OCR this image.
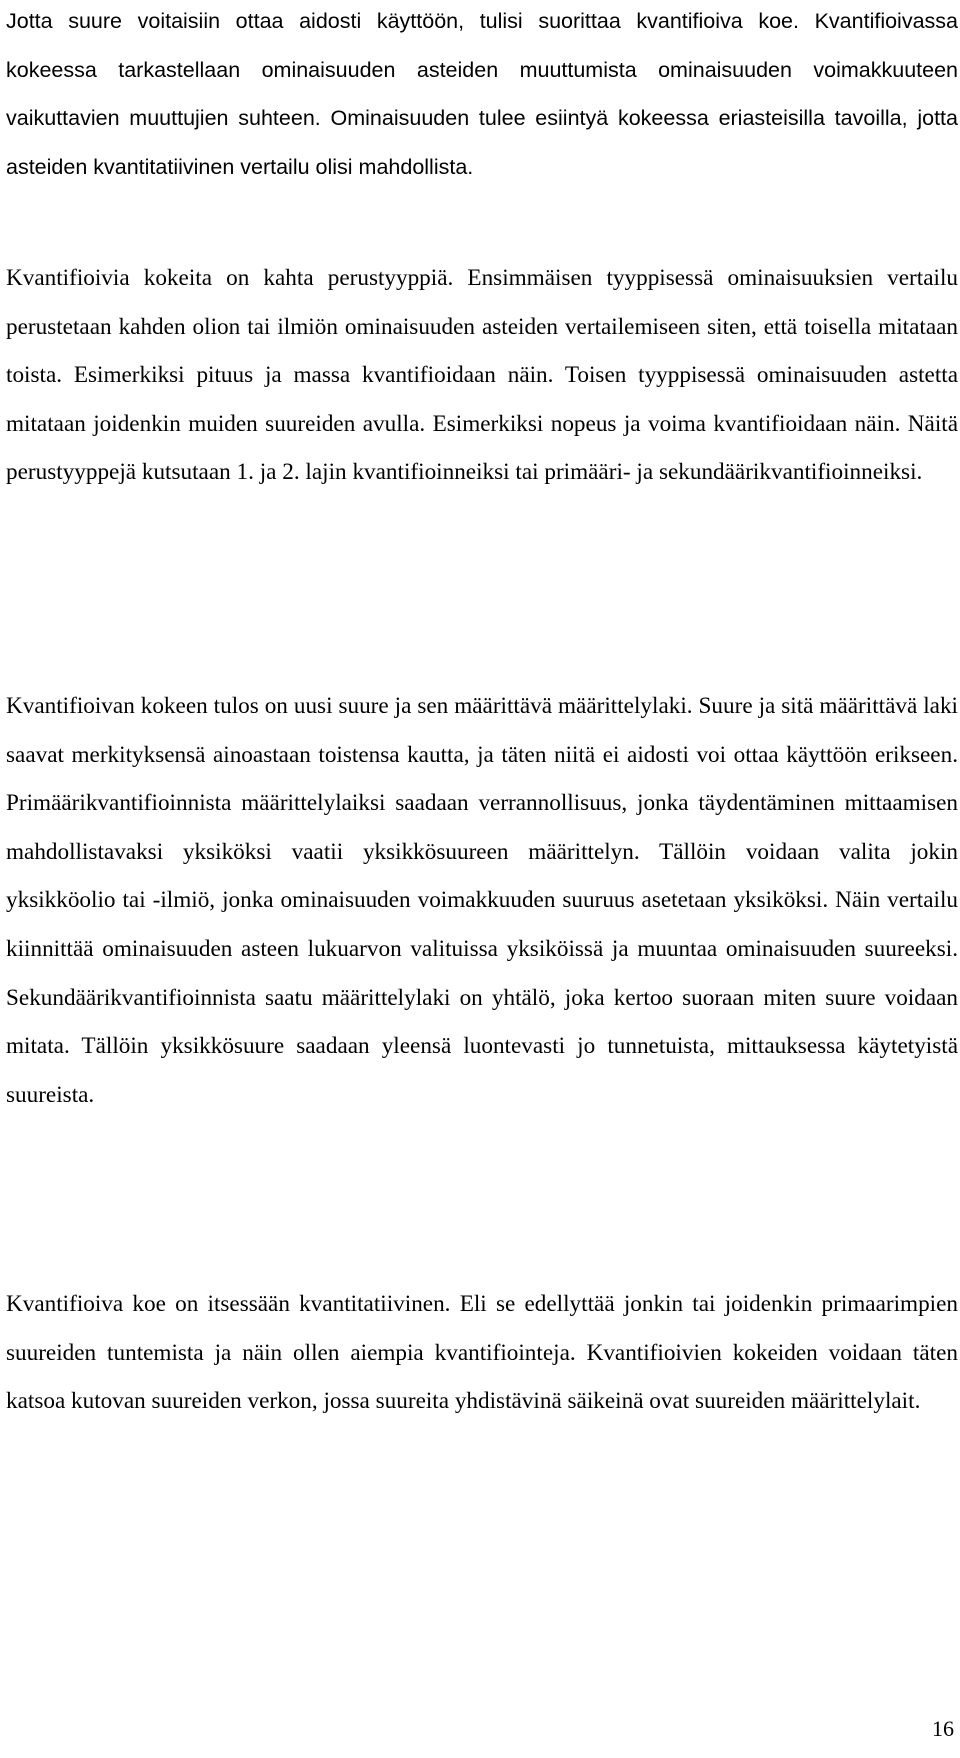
Jotta suure voitaisiin ottaa aidosti käyttöön, tulisi suorittaa kvantifioiva koe. Kvantifioivassa kokeessa tarkastellaan ominaisuuden asteiden muuttumista ominaisuuden voimakkuuteen vaikuttavien muuttujien suhteen. Ominaisuuden tulee esiintyä kokeessa eriasteisilla tavoilla, jotta asteiden kvantitatiivinen vertailu olisi mahdollista.

Kvantifioivia kokeita on kahta perustyyppiä. Ensimmäisen tyyppisessä ominaisuuksien vertailu perustetaan kahden olion tai ilmiön ominaisuuden asteiden vertailemiseen siten, että toisella mitataan toista. Esimerkiksi pituus ja massa kvantifioidaan näin. Toisen tyyppisessä ominaisuuden astetta mitataan joidenkin muiden suureiden avulla. Esimerkiksi nopeus ja voima kvantifioidaan näin. Näitä perustyyppejä kutsutaan 1. ja 2. lajin kvantifioinneiksi tai primääri- ja sekundäärikvantifioinneiksi.

Kvantifioivan kokeen tulos on uusi suure ja sen määrittävä määrittelylaki. Suure ja sitä määrittävä laki saavat merkityksensä ainoastaan toistensa kautta, ja täten niitä ei aidosti voi ottaa käyttöön erikseen. Primäärikvantifioinnista määrittelylaiksi saadaan verrannollisuus, jonka täydentäminen mittaamisen mahdollistavaksi yksiköksi vaatii yksikkösuureen määrittelyn. Tällöin voidaan valita jokin yksikköolio tai -ilmiö, jonka ominaisuuden voimakkuuden suuruus asetetaan yksiköksi. Näin vertailu kiinnittää ominaisuuden asteen lukuarvon valituissa yksiköissä ja muuntaa ominaisuuden suureeksi. Sekundäärikvantifioinnista saatu määrittelylaki on yhtälö, joka kertoo suoraan miten suure voidaan mitata. Tällöin yksikkösuure saadaan yleensä luontevasti jo tunnetuista, mittauksessa käytetyistä suureista.

Kvantifioiva koe on itsessään kvantitatiivinen. Eli se edellyttää jonkin tai joidenkin primaarimpien suureiden tuntemista ja näin ollen aiempia kvantifiointeja. Kvantifioivien kokeiden voidaan täten katsoa kutovan suureiden verkon, jossa suureita yhdistävinä säikeinä ovat suureiden määrittelylait.

16
